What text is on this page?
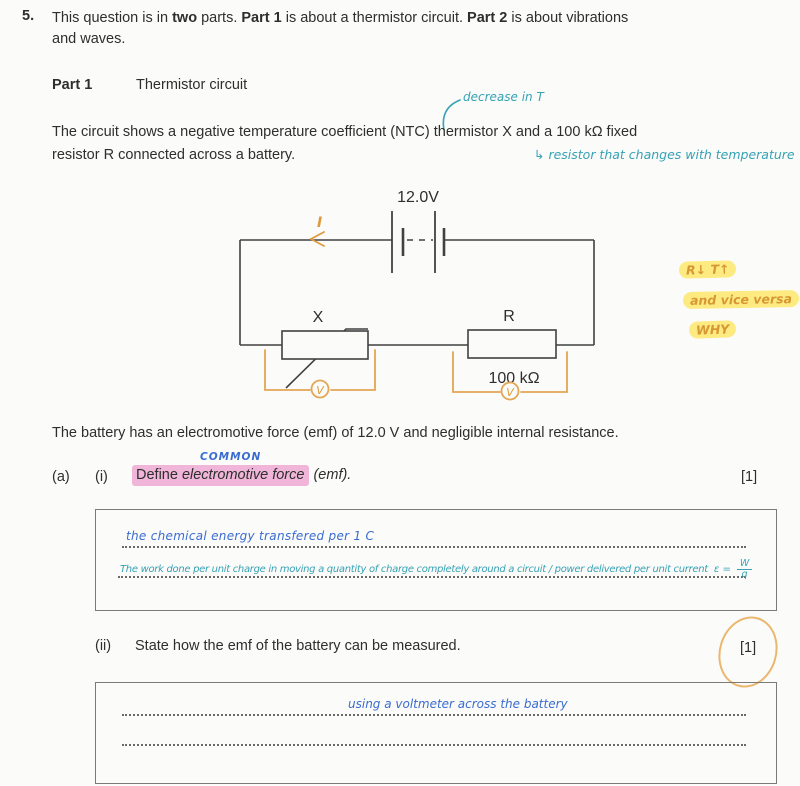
5. This question is in two parts. Part 1 is about a thermistor circuit. Part 2 is about vibrations
and waves.

Part 1	Thermistor circuit
decrease in T

The circuit shows a negative temperature coefficient (NTC) thermistor X and a 100 kΩ fixed
resistor R connected across a battery.	↳ resistor that changes with temperature
12.0V
X	R
100 kΩ
I
V	V
R↓ T↑
and vice versa
WHY

The battery has an electromotive force (emf) of 12.0 V and negligible internal resistance.

COMMON
(a) (i) Define electromotive force (emf).	[1]
the chemical energy transfered per 1 C
The work done per unit charge in moving a quantity of charge completely around a circuit / power delivered per unit current $\varepsilon = \frac{W}{q}$
(ii) State how the emf of the battery can be measured.	[1]
using a voltmeter across the battery
